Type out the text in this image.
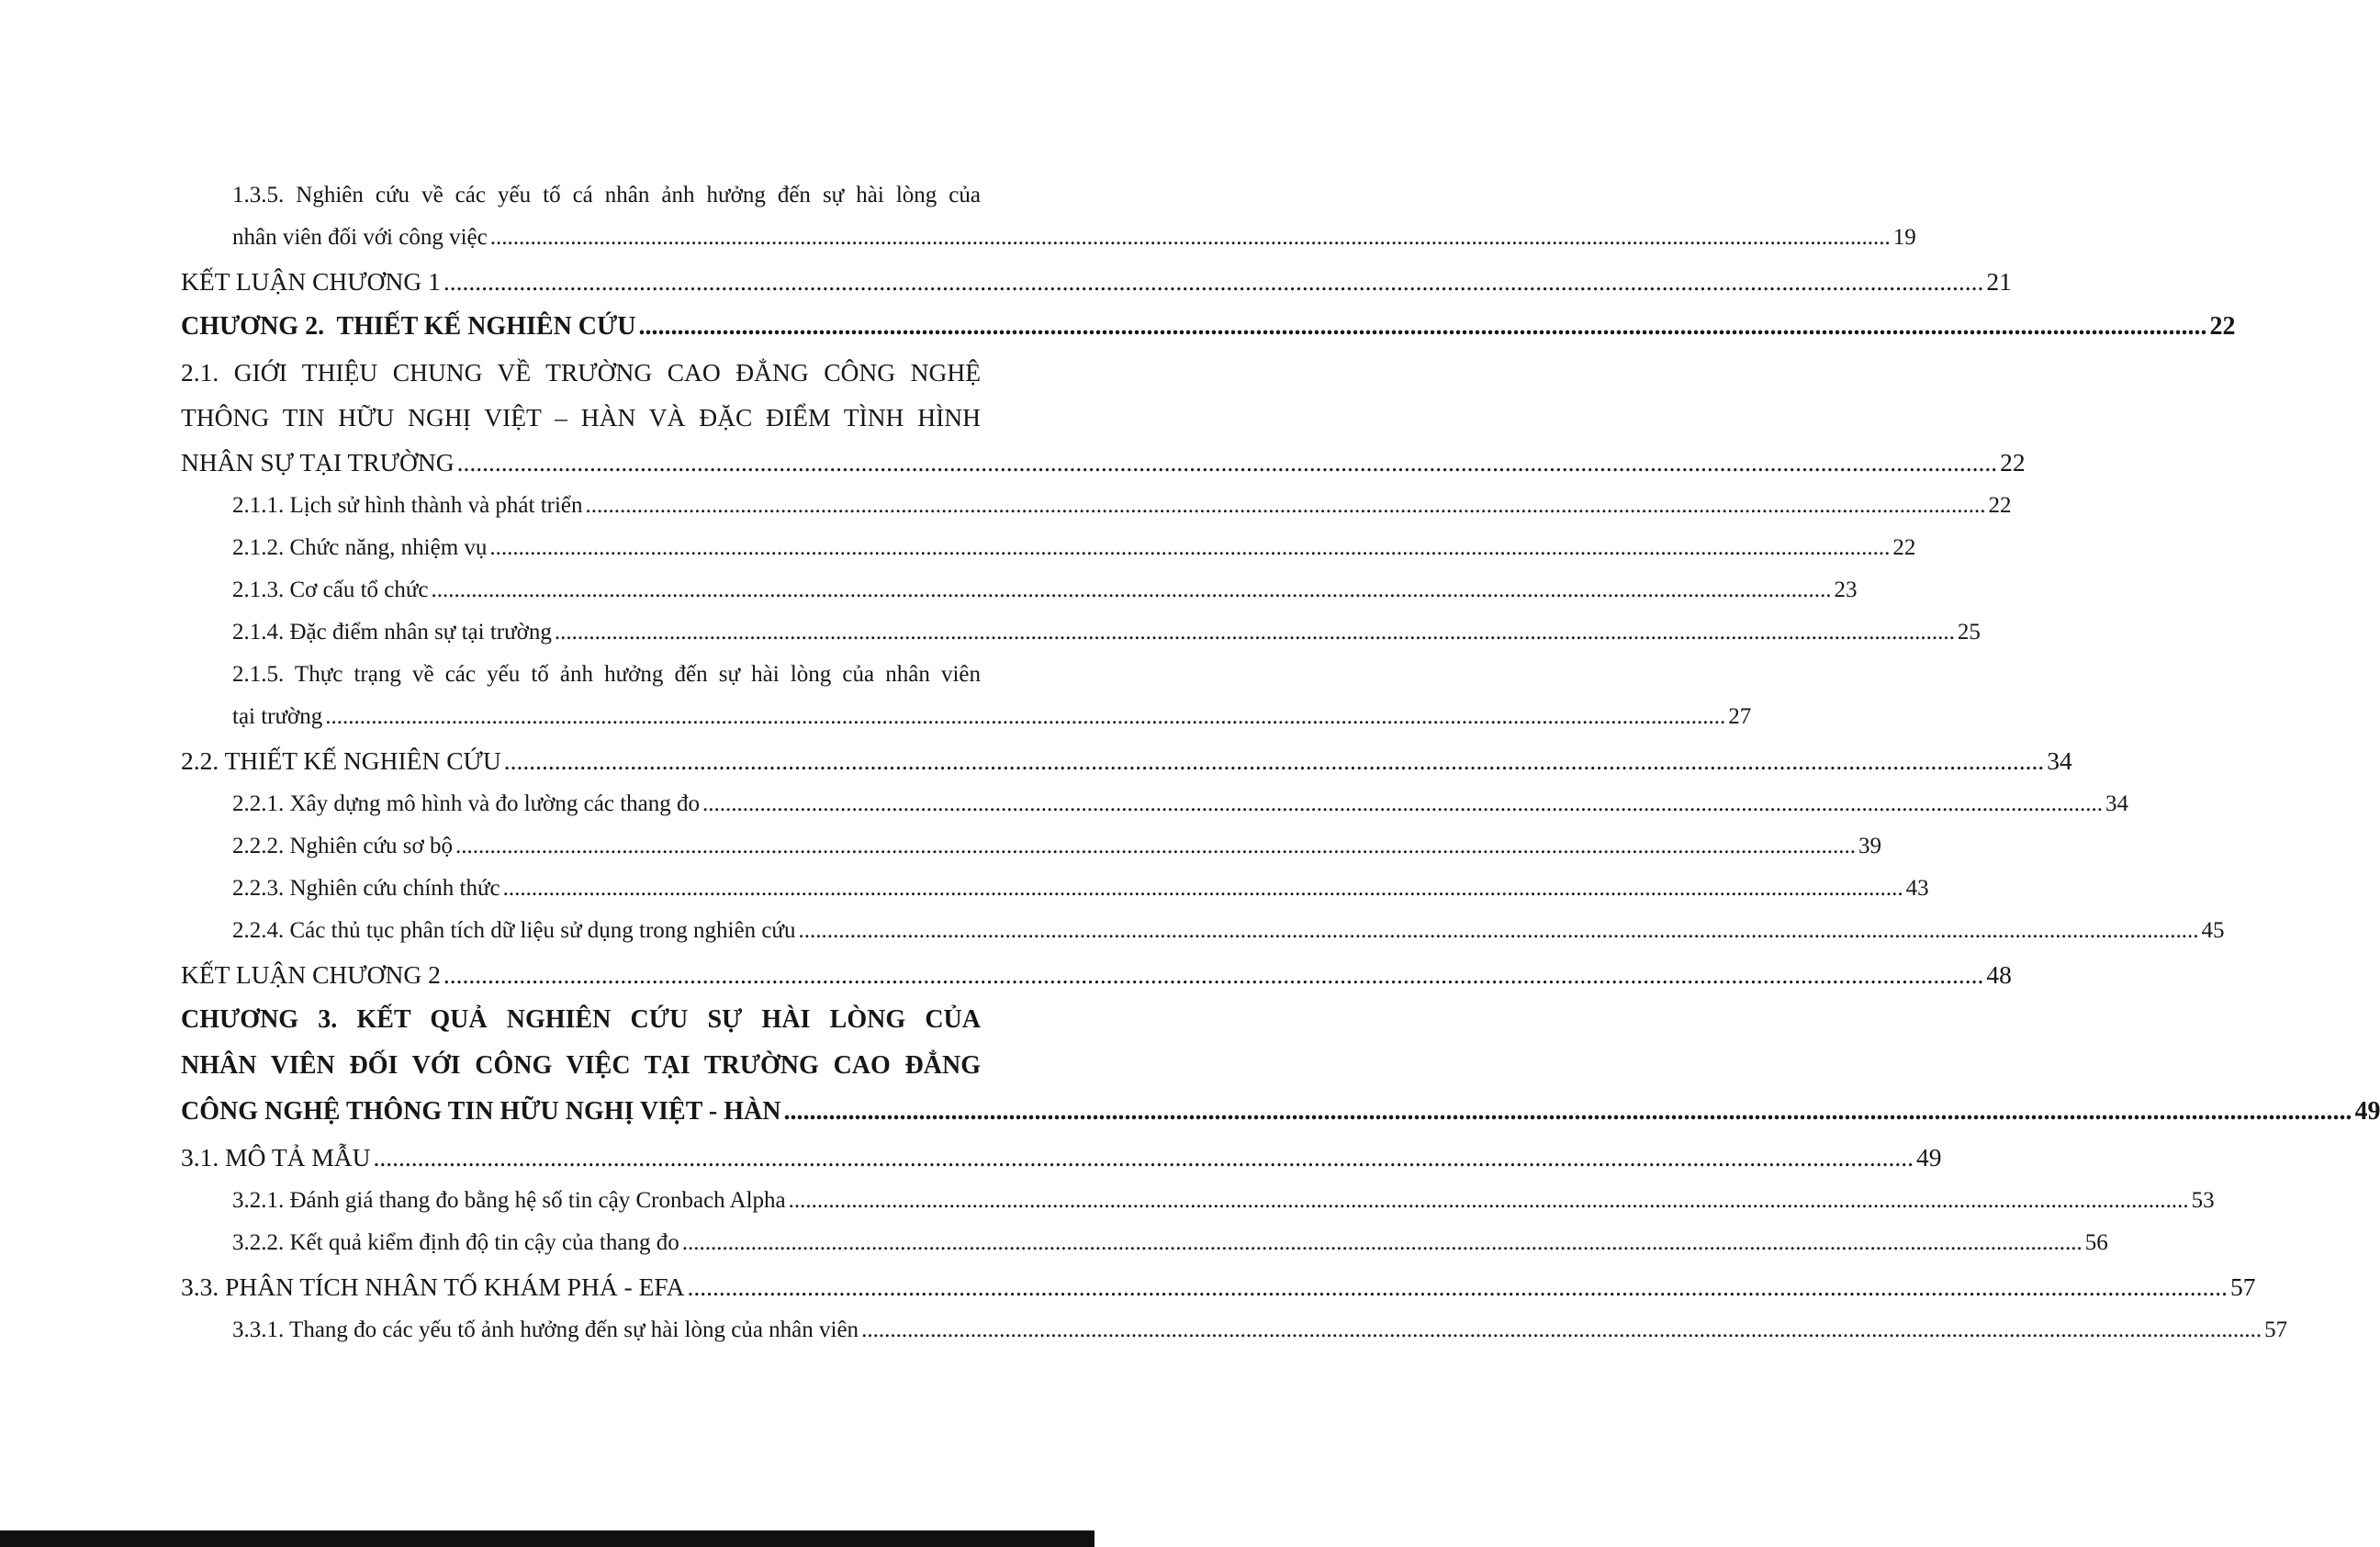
1.3.5. Nghiên cứu về các yếu tố cá nhân ảnh hưởng đến sự hài lòng của
nhân viên đối với công việc .....	19
KẾT LUẬN CHƯƠNG 1 .....	21
CHƯƠNG 2.  THIẾT KẾ NGHIÊN CỨU .....	22
2.1. GIỚI THIỆU CHUNG VỀ TRƯỜNG CAO ĐẲNG CÔNG NGHỆ
THÔNG TIN HỮU NGHỊ VIỆT – HÀN VÀ ĐẶC ĐIỂM TÌNH HÌNH
NHÂN SỰ TẠI TRƯỜNG .....	22
2.1.1. Lịch sử hình thành và phát triển .....	22
2.1.2. Chức năng, nhiệm vụ .....	22
2.1.3. Cơ cấu tổ chức .....	23
2.1.4. Đặc điểm nhân sự tại trường .....	25
2.1.5. Thực trạng về các yếu tố ảnh hưởng đến sự hài lòng của nhân viên
tại trường .....	27
2.2. THIẾT KẾ NGHIÊN CỨU .....	34
2.2.1. Xây dựng mô hình và đo lường các thang đo .....	34
2.2.2. Nghiên cứu sơ bộ .....	39
2.2.3. Nghiên cứu chính thức .....	43
2.2.4. Các thủ tục phân tích dữ liệu sử dụng trong nghiên cứu .....	45
KẾT LUẬN CHƯƠNG 2 .....	48
CHƯƠNG 3. KẾT QUẢ NGHIÊN CỨU SỰ HÀI LÒNG CỦA
NHÂN VIÊN ĐỐI VỚI CÔNG VIỆC TẠI TRƯỜNG CAO ĐẲNG
CÔNG NGHỆ THÔNG TIN HỮU NGHỊ VIỆT - HÀN .....	49
3.1. MÔ TẢ MẪU .....	49
3.2.1. Đánh giá thang đo bằng hệ số tin cậy Cronbach Alpha .....	53
3.2.2. Kết quả kiểm định độ tin cậy của thang đo .....	56
3.3. PHÂN TÍCH NHÂN TỐ KHÁM PHÁ - EFA .....	57
3.3.1. Thang đo các yếu tố ảnh hưởng đến sự hài lòng của nhân viên .....	57
